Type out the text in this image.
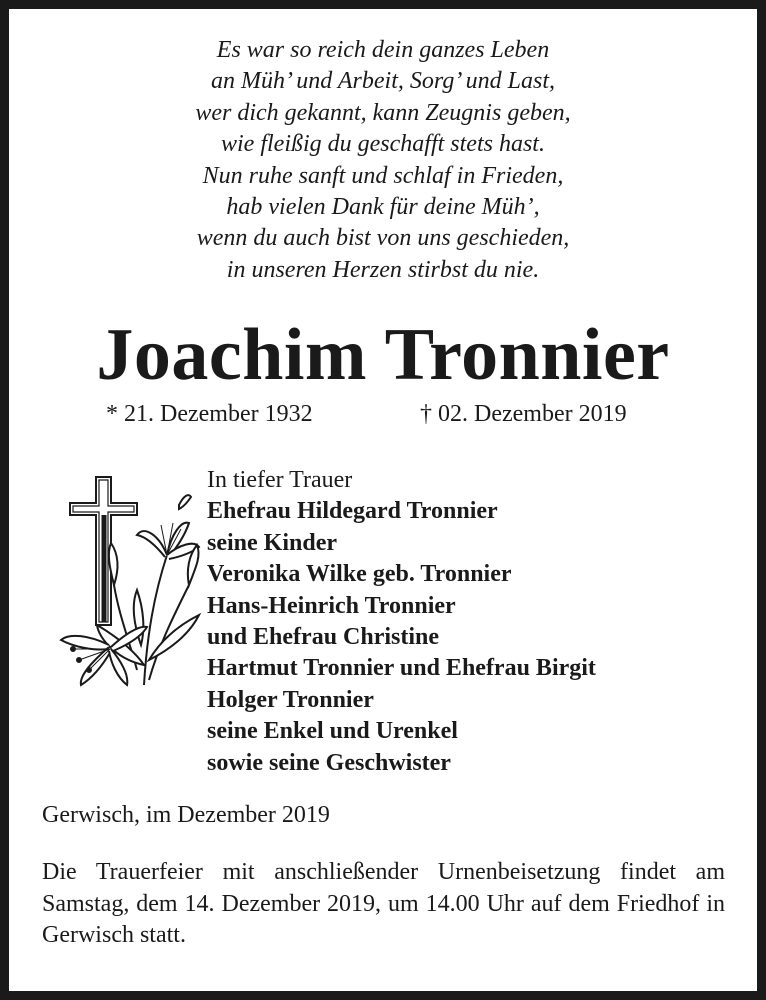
Es war so reich dein ganzes Leben
an Müh’ und Arbeit, Sorg’ und Last,
wer dich gekannt, kann Zeugnis geben,
wie fleißig du geschafft stets hast.
Nun ruhe sanft und schlaf in Frieden,
hab vielen Dank für deine Müh’,
wenn du auch bist von uns geschieden,
in unseren Herzen stirbst du nie.
Joachim Tronnier
* 21. Dezember 1932	† 02. Dezember 2019
In tiefer Trauer
Ehefrau Hildegard Tronnier
seine Kinder
Veronika Wilke geb. Tronnier
Hans-Heinrich Tronnier
und Ehefrau Christine
Hartmut Tronnier und Ehefrau Birgit
Holger Tronnier
seine Enkel und Urenkel
sowie seine Geschwister
Gerwisch, im Dezember 2019
Die Trauerfeier mit anschließender Urnenbeisetzung findet am Samstag, dem 14. Dezember 2019, um 14.00 Uhr auf dem Friedhof in Gerwisch statt.
